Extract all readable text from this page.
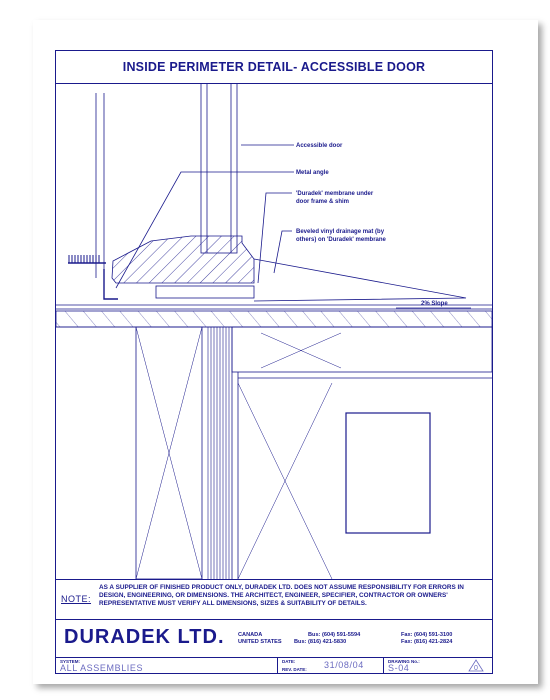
INSIDE PERIMETER DETAIL- ACCESSIBLE DOOR
Accessible door
Metal angle
'Duradek' membrane under
door frame & shim
Beveled vinyl drainage mat (by
others) on 'Duradek' membrane
2% Slope
NOTE:
AS A SUPPLIER OF FINISHED PRODUCT ONLY, DURADEK LTD. DOES NOT ASSUME RESPONSIBILITY FOR ERRORS IN DESIGN, ENGINEERING, OR DIMENSIONS. THE ARCHITECT, ENGINEER, SPECIFIER, CONTRACTOR OR OWNERS' REPRESENTATIVE MUST VERIFY ALL DIMENSIONS, SIZES & SUITABILITY OF DETAILS.
DURADEK LTD. CANADA
UNITED STATES
Bus: (604) 591-5594
Bus: (816) 421-5830
Fax: (604) 591-3100
Fax: (816) 421-2824
SYSTEM:
ALL ASSEMBLIES
DATE:
REV. DATE: 31/08/04	DRAWING No.:
S-04	0
